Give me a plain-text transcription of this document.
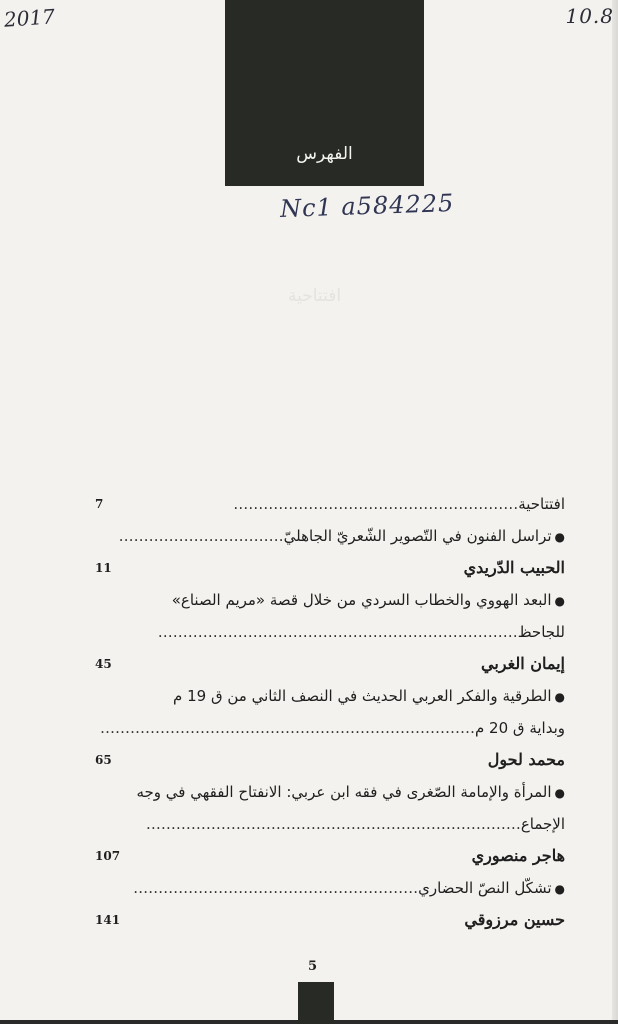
2017	10.8
الفهرس
Nc1 a584225
افتتاحية
افتتاحية…………………………………………………
7
●تراسل الفنون في التّصوير الشّعريّ الجاهليّ……………………………
الحبيب الدّريدي
11
●البعد الهووي والخطاب السردي من خلال قصة «مريم الصناع»
للجاحظ………………………………………………………………
إيمان الغربي
45
●الطرقية والفكر العربي الحديث في النصف الثاني من ق 19 م
وبداية ق 20 م…………………………………………………………………
محمد لحول
65
●المرأة والإمامة الصّغرى في فقه ابن عربي: الانفتاح الفقهي في وجه
الإجماع…………………………………………………………………
هاجر منصوري
107
●تشكّل النصّ الحضاري…………………………………………………
حسين مرزوقي
141
5
